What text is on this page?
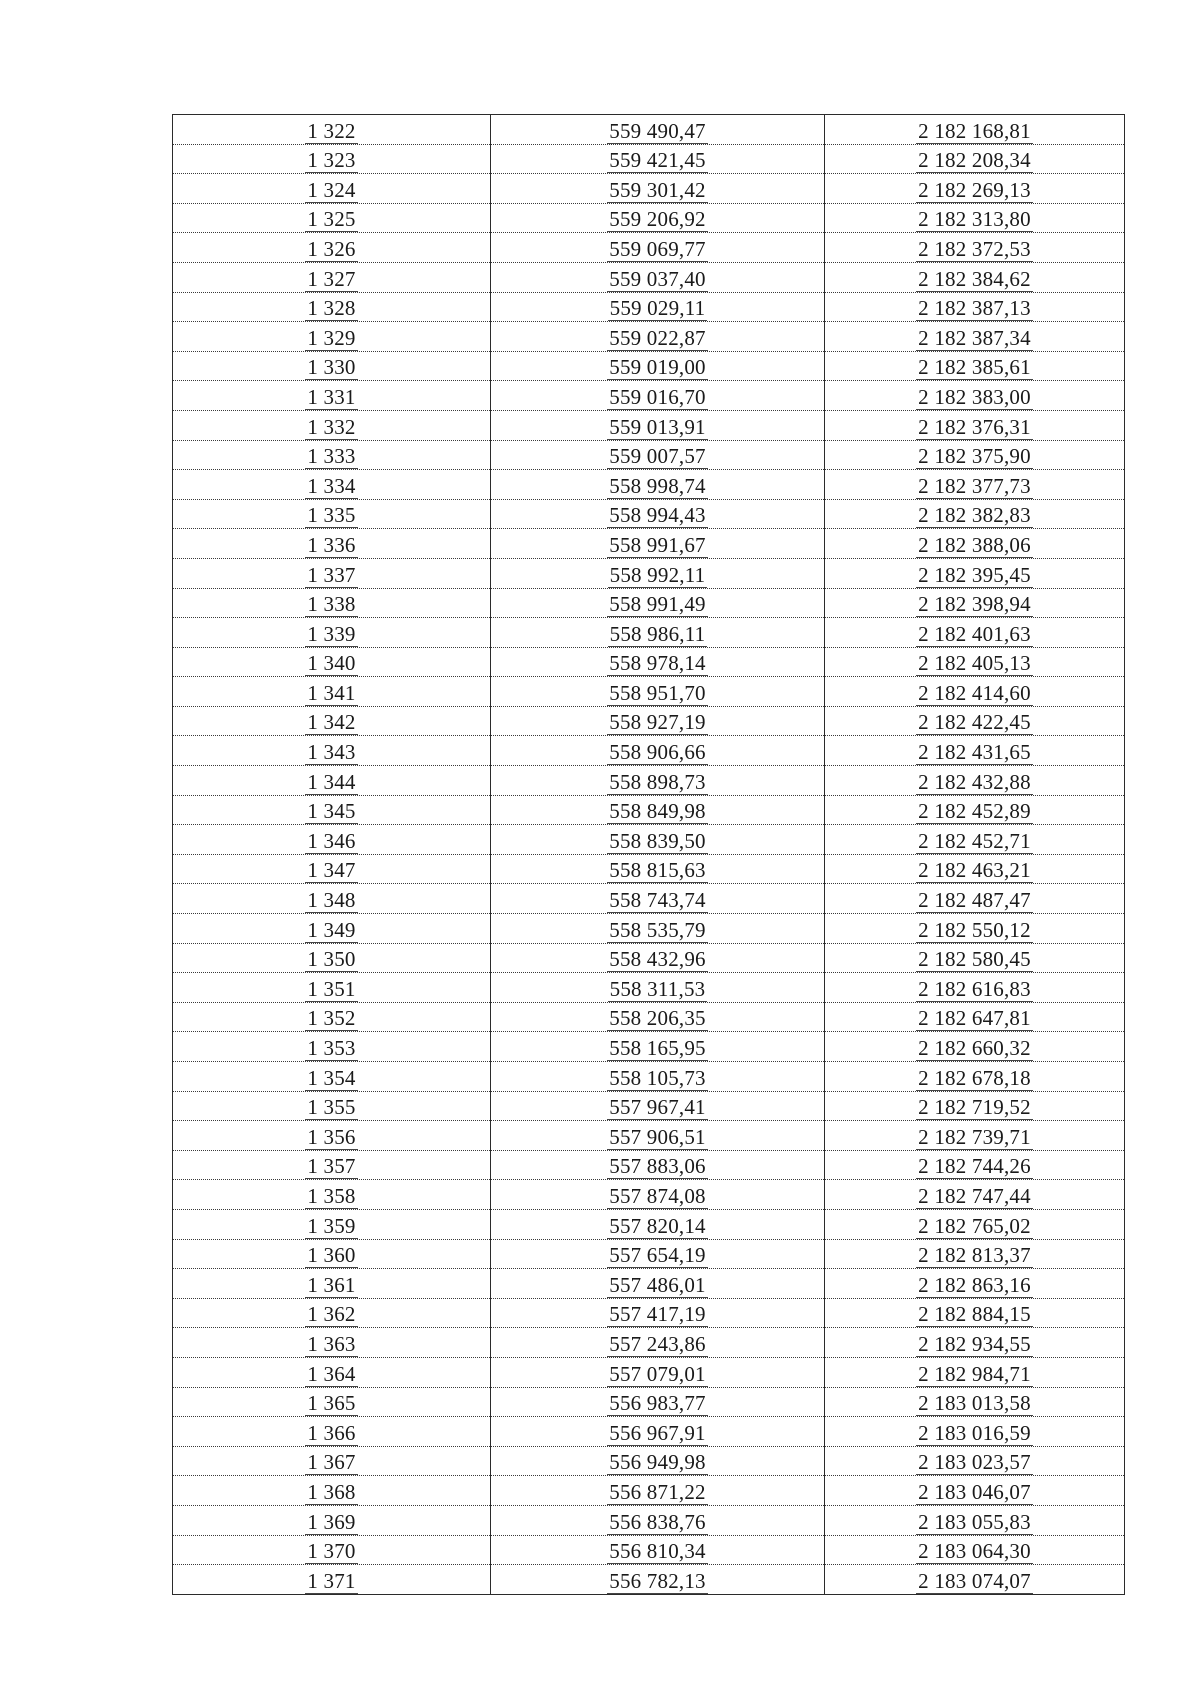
1 322	559 490,47	2 182 168,81
1 323	559 421,45	2 182 208,34
1 324	559 301,42	2 182 269,13
1 325	559 206,92	2 182 313,80
1 326	559 069,77	2 182 372,53
1 327	559 037,40	2 182 384,62
1 328	559 029,11	2 182 387,13
1 329	559 022,87	2 182 387,34
1 330	559 019,00	2 182 385,61
1 331	559 016,70	2 182 383,00
1 332	559 013,91	2 182 376,31
1 333	559 007,57	2 182 375,90
1 334	558 998,74	2 182 377,73
1 335	558 994,43	2 182 382,83
1 336	558 991,67	2 182 388,06
1 337	558 992,11	2 182 395,45
1 338	558 991,49	2 182 398,94
1 339	558 986,11	2 182 401,63
1 340	558 978,14	2 182 405,13
1 341	558 951,70	2 182 414,60
1 342	558 927,19	2 182 422,45
1 343	558 906,66	2 182 431,65
1 344	558 898,73	2 182 432,88
1 345	558 849,98	2 182 452,89
1 346	558 839,50	2 182 452,71
1 347	558 815,63	2 182 463,21
1 348	558 743,74	2 182 487,47
1 349	558 535,79	2 182 550,12
1 350	558 432,96	2 182 580,45
1 351	558 311,53	2 182 616,83
1 352	558 206,35	2 182 647,81
1 353	558 165,95	2 182 660,32
1 354	558 105,73	2 182 678,18
1 355	557 967,41	2 182 719,52
1 356	557 906,51	2 182 739,71
1 357	557 883,06	2 182 744,26
1 358	557 874,08	2 182 747,44
1 359	557 820,14	2 182 765,02
1 360	557 654,19	2 182 813,37
1 361	557 486,01	2 182 863,16
1 362	557 417,19	2 182 884,15
1 363	557 243,86	2 182 934,55
1 364	557 079,01	2 182 984,71
1 365	556 983,77	2 183 013,58
1 366	556 967,91	2 183 016,59
1 367	556 949,98	2 183 023,57
1 368	556 871,22	2 183 046,07
1 369	556 838,76	2 183 055,83
1 370	556 810,34	2 183 064,30
1 371	556 782,13	2 183 074,07
